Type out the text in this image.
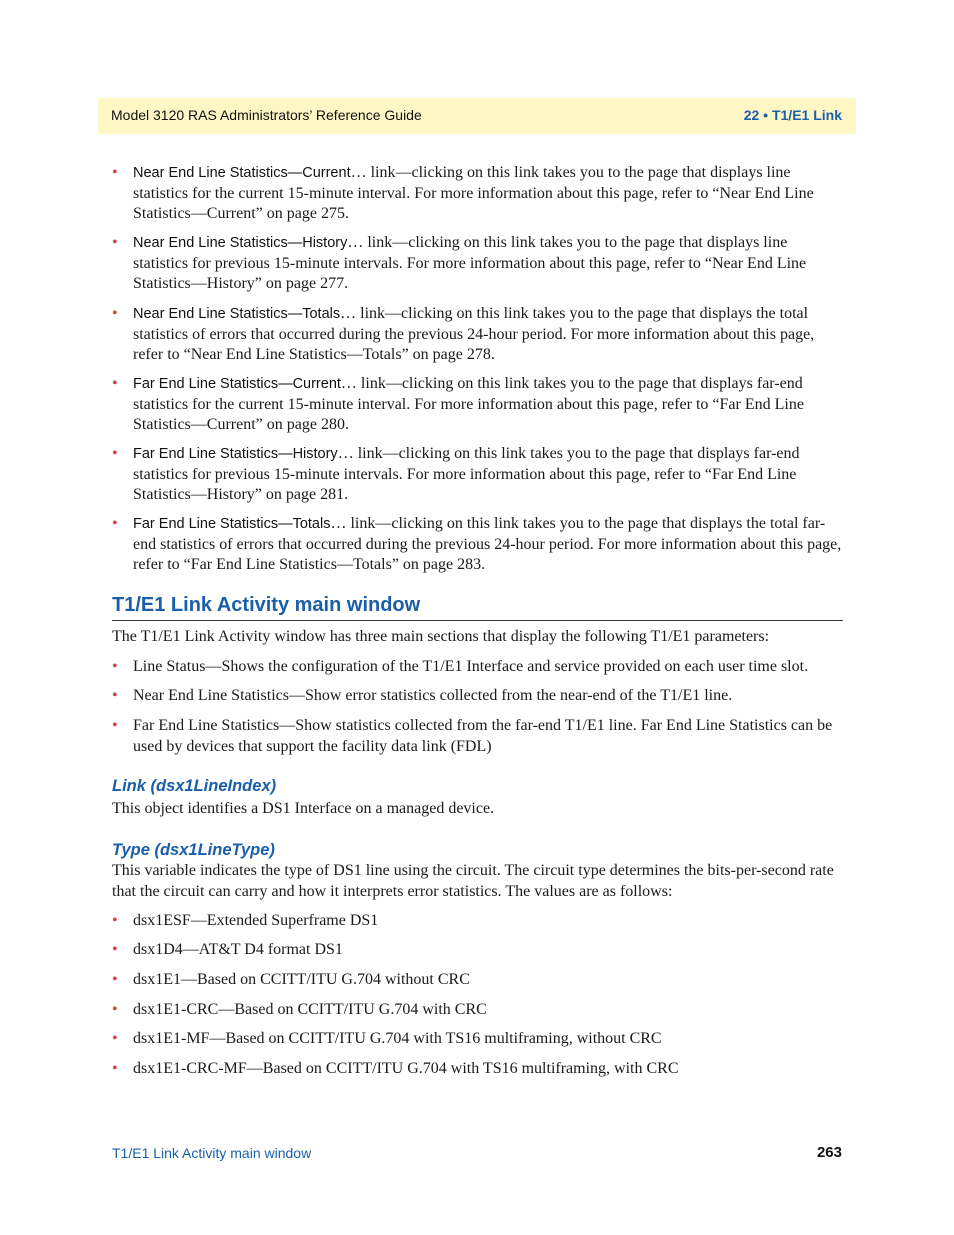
Model 3120 RAS Administrators’ Reference Guide	22 • T1/E1 Link
• Near End Line Statistics—Current… link—clicking on this link takes you to the page that displays line statistics for the current 15-minute interval. For more information about this page, refer to “Near End Line Statistics—Current” on page 275.
• Near End Line Statistics—History… link—clicking on this link takes you to the page that displays line statistics for previous 15-minute intervals. For more information about this page, refer to “Near End Line Statistics—History” on page 277.
• Near End Line Statistics—Totals… link—clicking on this link takes you to the page that displays the total statistics of errors that occurred during the previous 24-hour period. For more information about this page, refer to “Near End Line Statistics—Totals” on page 278.
• Far End Line Statistics—Current… link—clicking on this link takes you to the page that displays far-end statistics for the current 15-minute interval. For more information about this page, refer to “Far End Line Statistics—Current” on page 280.
• Far End Line Statistics—History… link—clicking on this link takes you to the page that displays far-end statistics for previous 15-minute intervals. For more information about this page, refer to “Far End Line Statistics—History” on page 281.
• Far End Line Statistics—Totals… link—clicking on this link takes you to the page that displays the total far-end statistics of errors that occurred during the previous 24-hour period. For more information about this page, refer to “Far End Line Statistics—Totals” on page 283.
T1/E1 Link Activity main window

The T1/E1 Link Activity window has three main sections that display the following T1/E1 parameters:

• Line Status—Shows the configuration of the T1/E1 Interface and service provided on each user time slot.
• Near End Line Statistics—Show error statistics collected from the near-end of the T1/E1 line.
• Far End Line Statistics—Show statistics collected from the far-end T1/E1 line. Far End Line Statistics can be used by devices that support the facility data link (FDL)
Link (dsx1LineIndex)

This object identifies a DS1 Interface on a managed device.

Type (dsx1LineType)

This variable indicates the type of DS1 line using the circuit. The circuit type determines the bits-per-second rate that the circuit can carry and how it interprets error statistics. The values are as follows:

• dsx1ESF—Extended Superframe DS1
• dsx1D4—AT&T D4 format DS1
• dsx1E1—Based on CCITT/ITU G.704 without CRC
• dsx1E1-CRC—Based on CCITT/ITU G.704 with CRC
• dsx1E1-MF—Based on CCITT/ITU G.704 with TS16 multiframing, without CRC
• dsx1E1-CRC-MF—Based on CCITT/ITU G.704 with TS16 multiframing, with CRC
T1/E1 Link Activity main window	263
